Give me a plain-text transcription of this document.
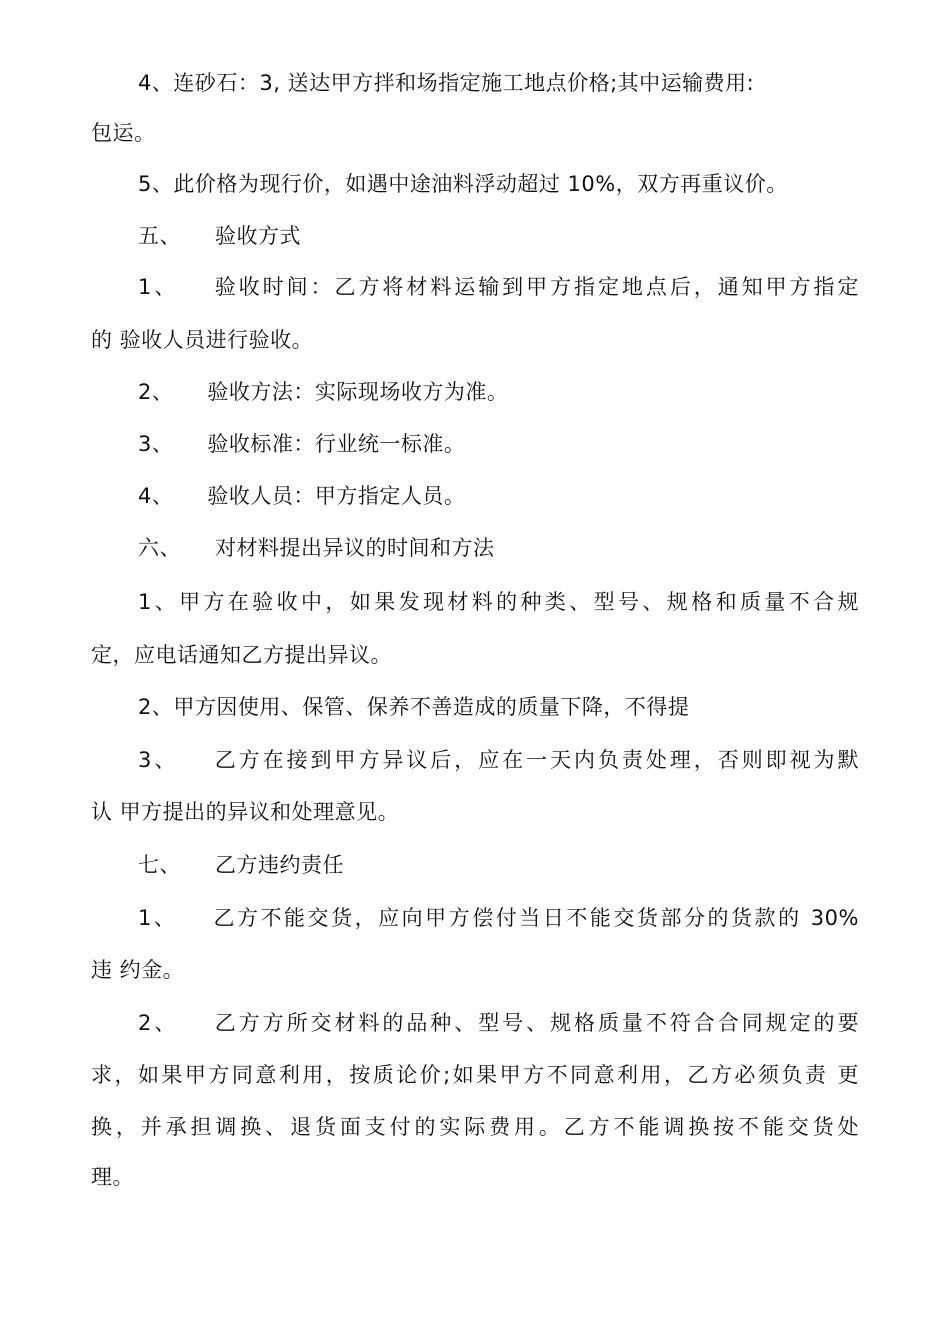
4、连砂石：3, 送达甲方拌和场指定施工地点价格;其中运输费用:
包运。
5、此价格为现行价，如遇中途油料浮动超过 10%，双方再重议价。
五、 验收方式
1、 验收时间：乙方将材料运输到甲方指定地点后，通知甲方指定
的 验收人员进行验收。
2、 验收方法：实际现场收方为准。
3、 验收标准：行业统一标准。
4、 验收人员：甲方指定人员。
六、 对材料提出异议的时间和方法
1、甲方在验收中，如果发现材料的种类、型号、规格和质量不合规
定，应电话通知乙方提出异议。
2、甲方因使用、保管、保养不善造成的质量下降，不得提
3、 乙方在接到甲方异议后，应在一天内负责处理，否则即视为默
认 甲方提出的异议和处理意见。
七、 乙方违约责任
1、 乙方不能交货，应向甲方偿付当日不能交货部分的货款的 30%
违 约金。
2、 乙方方所交材料的品种、型号、规格质量不符合合同规定的要
求，如果甲方同意利用，按质论价;如果甲方不同意利用，乙方必须负责 更
换，并承担调换、退货面支付的实际费用。乙方不能调换按不能交货处
理。
